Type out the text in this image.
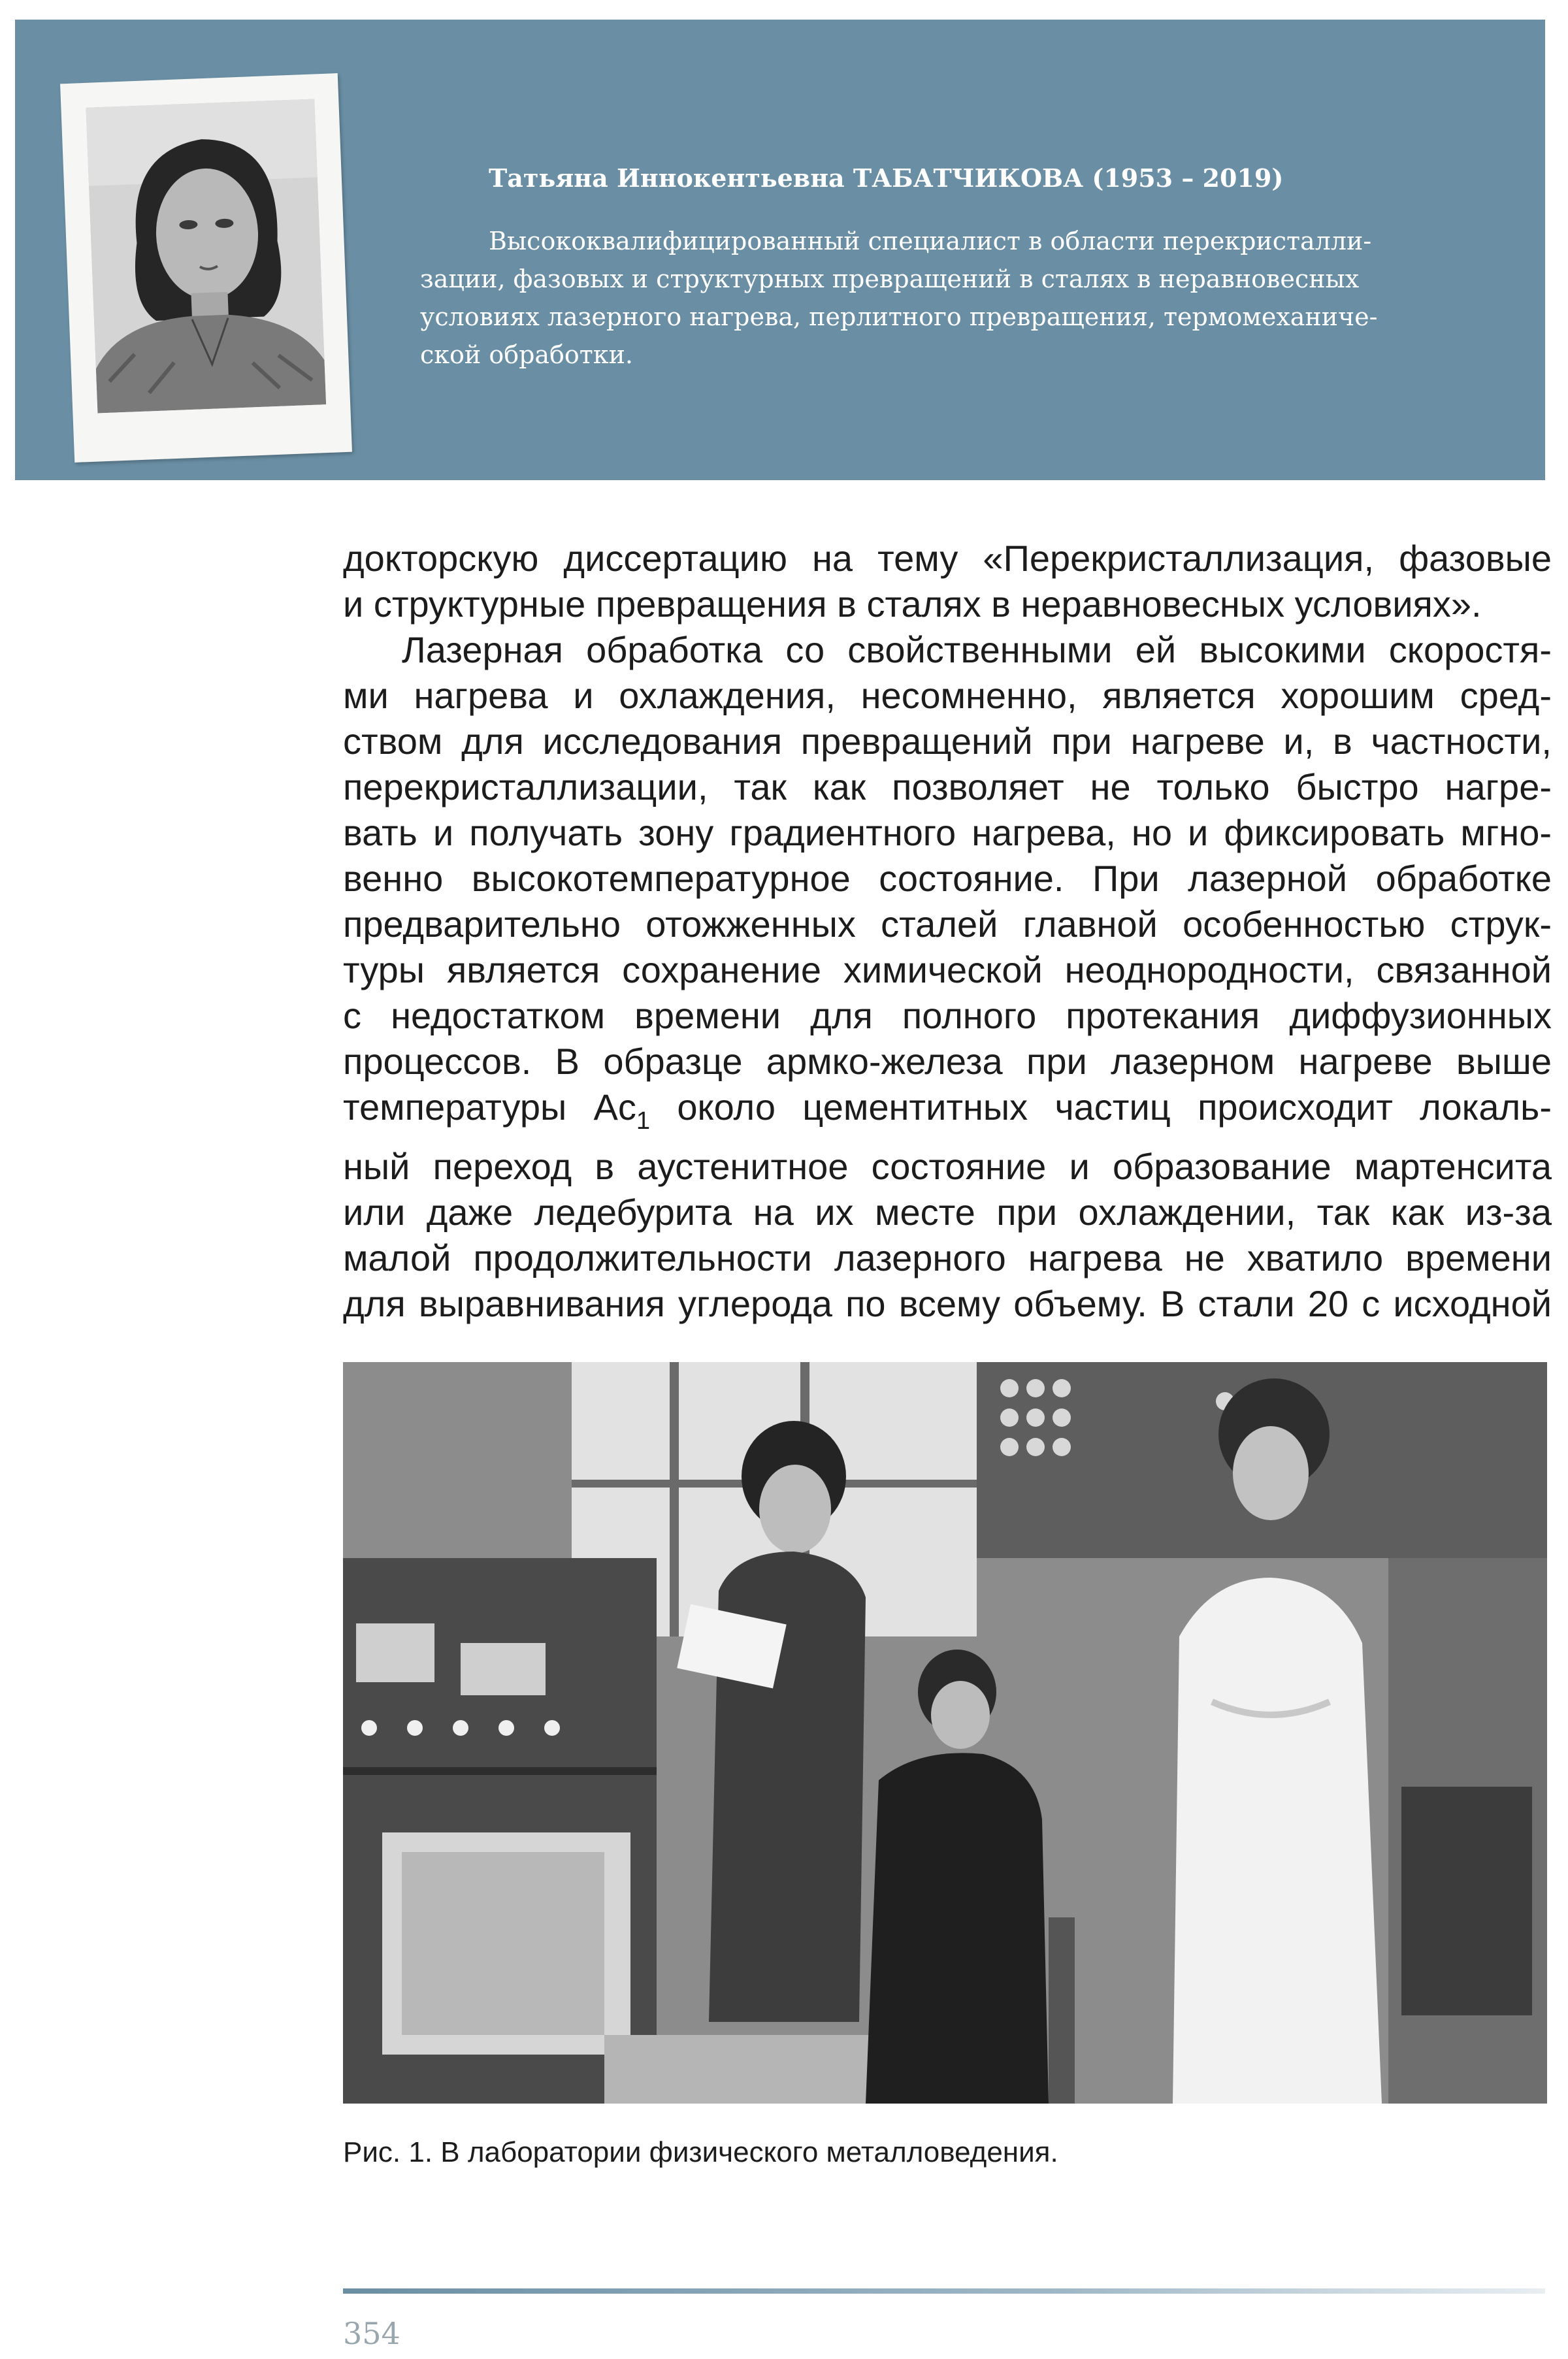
Татьяна Иннокентьевна ТАБАТЧИКОВА (1953 – 2019)
Высококвалифицированный специалист в области перекристалли-
зации, фазовых и структурных превращений в сталях в неравновесных
условиях лазерного нагрева, перлитного превращения, термомеханиче-
ской обработки.
докторскую диссертацию на тему «Перекристаллизация, фазовые
и структурные превращения в сталях в неравновесных условиях».
Лазерная обработка со свойственными ей высокими скоростя-
ми нагрева и охлаждения, несомненно, является хорошим сред-
ством для исследования превращений при нагреве и, в частности,
перекристаллизации, так как позволяет не только быстро нагре-
вать и получать зону градиентного нагрева, но и фиксировать мгно-
венно высокотемпературное состояние. При лазерной обработке
предварительно отожженных сталей главной особенностью струк-
туры является сохранение химической неоднородности, связанной
с недостатком времени для полного протекания диффузионных
процессов. В образце армко-железа при лазерном нагреве выше
температуры $Ac_1$ около цементитных частиц происходит локаль-
ный переход в аустенитное состояние и образование мартенсита
или даже ледебурита на их месте при охлаждении, так как из-за
малой продолжительности лазерного нагрева не хватило времени
для выравнивания углерода по всему объему. В стали 20 с исходной
Рис. 1. В лаборатории физического металловедения.
354
